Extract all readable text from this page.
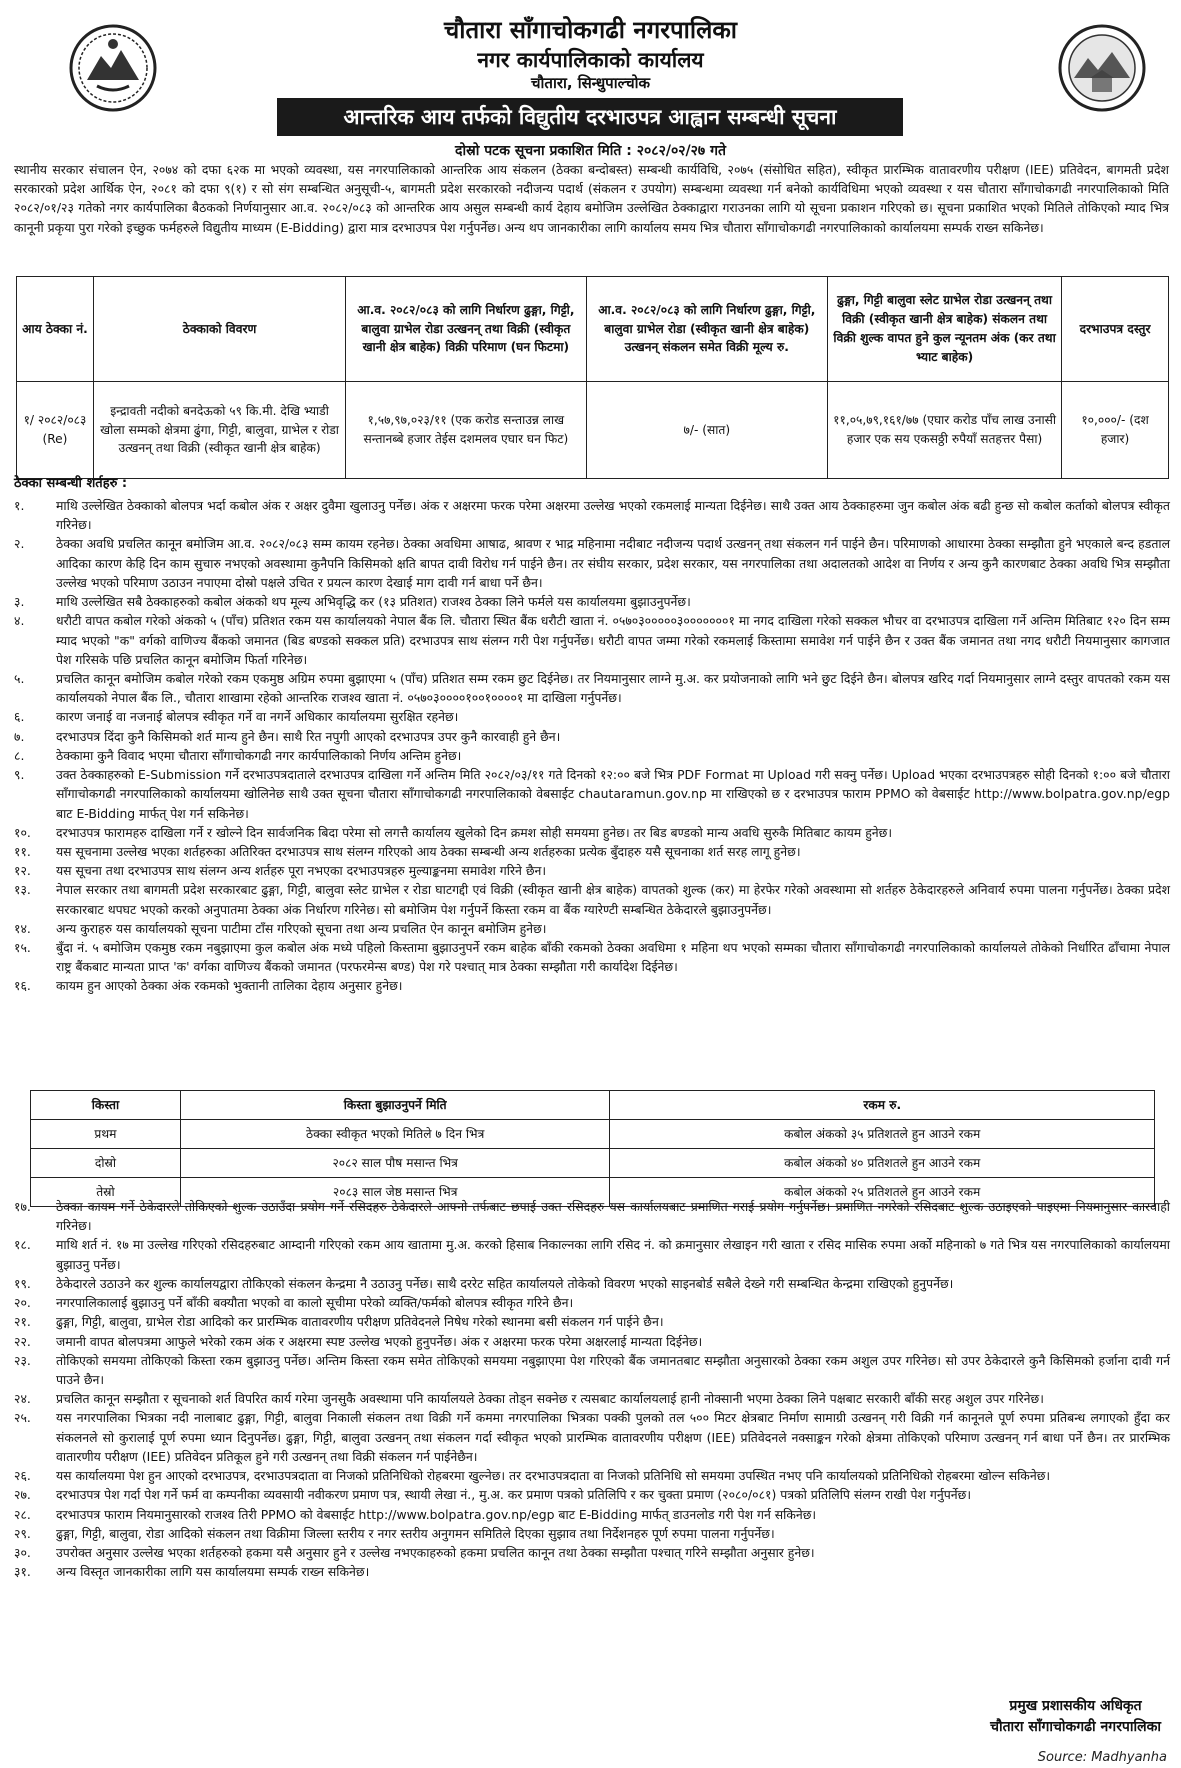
चौतारा साँगाचोकगढी नगरपालिका
नगर कार्यपालिकाको कार्यालय
चौतारा, सिन्धुपाल्चोक
आन्तरिक आय तर्फको विद्युतीय दरभाउपत्र आह्वान सम्बन्धी सूचना
दोस्रो पटक सूचना प्रकाशित मिति : २०८२/०२/२७ गते
स्थानीय सरकार संचालन ऐन, २०७४ को दफा ६२क मा भएको व्यवस्था, यस नगरपालिकाको आन्तरिक आय संकलन (ठेक्का बन्दोबस्त) सम्बन्धी कार्यविधि, २०७५ (संसोधित सहित), स्वीकृत प्रारम्भिक वातावरणीय परीक्षण (IEE) प्रतिवेदन, बागमती प्रदेश सरकारको प्रदेश आर्थिक ऐन, २०८१ को दफा ९(१) र सो संग सम्बन्धित अनुसूची-५, बागमती प्रदेश सरकारको नदीजन्य पदार्थ (संकलन र उपयोग) सम्बन्धमा व्यवस्था गर्न बनेको कार्यविधिमा भएको व्यवस्था र यस चौतारा साँगाचोकगढी नगरपालिकाको मिति २०८२/०१/२३ गतेको नगर कार्यपालिका बैठकको निर्णयानुसार आ.व. २०८२/०८३ को आन्तरिक आय असुल सम्बन्धी कार्य देहाय बमोजिम उल्लेखित ठेक्काद्वारा गराउनका लागि यो सूचना प्रकाशन गरिएको छ। सूचना प्रकाशित भएको मितिले तोकिएको म्याद भित्र कानूनी प्रकृया पुरा गरेको इच्छुक फर्महरुले विद्युतीय माध्यम (E-Bidding) द्वारा मात्र दरभाउपत्र पेश गर्नुपर्नेछ। अन्य थप जानकारीका लागि कार्यालय समय भित्र चौतारा साँगाचोकगढी नगरपालिकाको कार्यालयमा सम्पर्क राख्न सकिनेछ।
आय ठेक्का नं.	ठेक्काको विवरण	आ.व. २०८२/०८३ को लागि निर्धारण ढुङ्गा, गिट्टी, बालुवा ग्राभेल रोडा उत्खनन् तथा विक्री (स्वीकृत खानी क्षेत्र बाहेक) विक्री परिमाण (घन फिटमा)	आ.व. २०८२/०८३ को लागि निर्धारण ढुङ्गा, गिट्टी, बालुवा ग्राभेल रोडा (स्वीकृत खानी क्षेत्र बाहेक) उत्खनन् संकलन समेत विक्री मूल्य रु.	ढुङ्गा, गिट्टी बालुवा स्लेट ग्राभेल रोडा उत्खनन् तथा विक्री (स्वीकृत खानी क्षेत्र बाहेक) संकलन तथा विक्री शुल्क वापत हुने कुल न्यूनतम अंक (कर तथा भ्याट बाहेक)	दरभाउपत्र दस्तुर
१/ २०८२/०८३ (Re)	इन्द्रावती नदीको बनदेऊको ५९ कि.मी. देखि भ्याडी खोला सम्मको क्षेत्रमा ढुंगा, गिट्टी, बालुवा, ग्राभेल र रोडा उत्खनन् तथा विक्री (स्वीकृत खानी क्षेत्र बाहेक)	१,५७,९७,०२३/११ (एक करोड सन्ताउन्न लाख सन्तानब्बे हजार तेईस दशमलव एघार घन फिट)	७/- (सात)	११,०५,७९,१६१/७७ (एघार करोड पाँच लाख उनासी हजार एक सय एकसठ्ठी रुपैयाँ सतहत्तर पैसा)	१०,०००/- (दश हजार)
ठेक्का सम्बन्धी शर्तहरु :
१.	माथि उल्लेखित ठेक्काको बोलपत्र भर्दा कबोल अंक र अक्षर दुवैमा खुलाउनु पर्नेछ। अंक र अक्षरमा फरक परेमा अक्षरमा उल्लेख भएको रकमलाई मान्यता दिईनेछ। साथै उक्त आय ठेक्काहरुमा जुन कबोल अंक बढी हुन्छ सो कबोल कर्ताको बोलपत्र स्वीकृत गरिनेछ।
२.	ठेक्का अवधि प्रचलित कानून बमोजिम आ.व. २०८२/०८३ सम्म कायम रहनेछ। ठेक्का अवधिमा आषाढ, श्रावण र भाद्र महिनामा नदीबाट नदीजन्य पदार्थ उत्खनन् तथा संकलन गर्न पाईने छैन। परिमाणको आधारमा ठेक्का सम्झौता हुने भएकाले बन्द हडताल आदिका कारण केहि दिन काम सुचारु नभएको अवस्थामा कुनैपनि किसिमको क्षति बापत दावी विरोध गर्न पाईने छैन। तर संघीय सरकार, प्रदेश सरकार, यस नगरपालिका तथा अदालतको आदेश वा निर्णय र अन्य कुनै कारणबाट ठेक्का अवधि भित्र सम्झौता उल्लेख भएको परिमाण उठाउन नपाएमा दोस्रो पक्षले उचित र प्रयत्न कारण देखाई माग दावी गर्न बाधा पर्ने छैन।
३.	माथि उल्लेखित सबै ठेक्काहरुको कबोल अंकको थप मूल्य अभिवृद्धि कर (१३ प्रतिशत) राजश्व ठेक्का लिने फर्मले यस कार्यालयमा बुझाउनुपर्नेछ।
४.	धरौटी वापत कबोल गरेको अंकको ५ (पाँच) प्रतिशत रकम यस कार्यालयको नेपाल बैंक लि. चौतारा स्थित बैंक धरौटी खाता नं. ०५७०३०००००३०००००००१ मा नगद दाखिला गरेको सक्कल भौचर वा दरभाउपत्र दाखिला गर्ने अन्तिम मितिबाट १२० दिन सम्म म्याद भएको "क" वर्गको वाणिज्य बैंकको जमानत (बिड बण्डको सक्कल प्रति) दरभाउपत्र साथ संलग्न गरी पेश गर्नुपर्नेछ। धरौटी वापत जम्मा गरेको रकमलाई किस्तामा समावेश गर्न पाईने छैन र उक्त बैंक जमानत तथा नगद धरौटी नियमानुसार कागजात पेश गरिसके पछि प्रचलित कानून बमोजिम फिर्ता गरिनेछ।
५.	प्रचलित कानून बमोजिम कबोल गरेको रकम एकमुष्ठ अग्रिम रुपमा बुझाएमा ५ (पाँच) प्रतिशत सम्म रकम छुट दिईनेछ। तर नियमानुसार लाग्ने मु.अ. कर प्रयोजनाको लागि भने छुट दिईने छैन। बोलपत्र खरिद गर्दा नियमानुसार लाग्ने दस्तुर वापतको रकम यस कार्यालयको नेपाल बैंक लि., चौतारा शाखामा रहेको आन्तरिक राजश्व खाता नं. ०५७०३००००१००१००००१ मा दाखिला गर्नुपर्नेछ।
६.	कारण जनाई वा नजनाई बोलपत्र स्वीकृत गर्ने वा नगर्ने अधिकार कार्यालयमा सुरक्षित रहनेछ।
७.	दरभाउपत्र दिंदा कुनै किसिमको शर्त मान्य हुने छैन। साथै रित नपुगी आएको दरभाउपत्र उपर कुनै कारवाही हुने छैन।
८.	ठेक्कामा कुनै विवाद भएमा चौतारा साँगाचोकगढी नगर कार्यपालिकाको निर्णय अन्तिम हुनेछ।
९.	उक्त ठेक्काहरुको E-Submission गर्ने दरभाउपत्रदाताले दरभाउपत्र दाखिला गर्ने अन्तिम मिति २०८२/०३/११ गते दिनको १२:०० बजे भित्र PDF Format मा Upload गरी सक्नु पर्नेछ। Upload भएका दरभाउपत्रहरु सोही दिनको १:०० बजे चौतारा साँगाचोकगढी नगरपालिकाको कार्यालयमा खोलिनेछ साथै उक्त सूचना चौतारा साँगाचोकगढी नगरपालिकाको वेबसाईट chautaramun.gov.np मा राखिएको छ र दरभाउपत्र फाराम PPMO को वेबसाईट http://www.bolpatra.gov.np/egp बाट E-Bidding मार्फत् पेश गर्न सकिनेछ।
१०.	दरभाउपत्र फारामहरु दाखिला गर्ने र खोल्ने दिन सार्वजनिक बिदा परेमा सो लगत्तै कार्यालय खुलेको दिन क्रमश सोही समयमा हुनेछ। तर बिड बण्डको मान्य अवधि सुरुकै मितिबाट कायम हुनेछ।
११.	यस सूचनामा उल्लेख भएका शर्तहरुका अतिरिक्त दरभाउपत्र साथ संलग्न गरिएको आय ठेक्का सम्बन्धी अन्य शर्तहरुका प्रत्येक बुँदाहरु यसै सूचनाका शर्त सरह लागू हुनेछ।
१२.	यस सूचना तथा दरभाउपत्र साथ संलग्न अन्य शर्तहरु पूरा नभएका दरभाउपत्रहरु मुल्याङ्कनमा समावेश गरिने छैन।
१३.	नेपाल सरकार तथा बागमती प्रदेश सरकारबाट ढुङ्गा, गिट्टी, बालुवा स्लेट ग्राभेल र रोडा घाटगद्दी एवं विक्री (स्वीकृत खानी क्षेत्र बाहेक) वापतको शुल्क (कर) मा हेरफेर गरेको अवस्थामा सो शर्तहरु ठेकेदारहरुले अनिवार्य रुपमा पालना गर्नुपर्नेछ। ठेक्का प्रदेश सरकारबाट थपघट भएको करको अनुपातमा ठेक्का अंक निर्धारण गरिनेछ। सो बमोजिम पेश गर्नुपर्ने किस्ता रकम वा बैंक ग्यारेण्टी सम्बन्धित ठेकेदारले बुझाउनुपर्नेछ।
१४.	अन्य कुराहरु यस कार्यालयको सूचना पाटीमा टाँस गरिएको सूचना तथा अन्य प्रचलित ऐन कानून बमोजिम हुनेछ।
१५.	बुँदा नं. ५ बमोजिम एकमुष्ठ रकम नबुझाएमा कुल कबोल अंक मध्ये पहिलो किस्तामा बुझाउनुपर्ने रकम बाहेक बाँकी रकमको ठेक्का अवधिमा १ महिना थप भएको सम्मका चौतारा साँगाचोकगढी नगरपालिकाको कार्यालयले तोकेको निर्धारित ढाँचामा नेपाल राष्ट्र बैंकबाट मान्यता प्राप्त 'क' वर्गका वाणिज्य बैंकको जमानत (परफरमेन्स बण्ड) पेश गरे पश्चात् मात्र ठेक्का सम्झौता गरी कार्यादेश दिईनेछ।
१६.	कायम हुन आएको ठेक्का अंक रकमको भुक्तानी तालिका देहाय अनुसार हुनेछ।
किस्ता	किस्ता बुझाउनुपर्ने मिति	रकम रु.
प्रथम	ठेक्का स्वीकृत भएको मितिले ७ दिन भित्र	कबोल अंकको ३५ प्रतिशतले हुन आउने रकम
दोस्रो	२०८२ साल पौष मसान्त भित्र	कबोल अंकको ४० प्रतिशतले हुन आउने रकम
तेस्रो	२०८३ साल जेष्ठ मसान्त भित्र	कबोल अंकको २५ प्रतिशतले हुन आउने रकम
१७.	ठेक्का कायम गर्ने ठेकेदारले तोकिएको शुल्क उठाउँदा प्रयोग गर्ने रसिदहरु ठेकेदारले आफ्नो तर्फबाट छपाई उक्त रसिदहरु यस कार्यालयबाट प्रमाणित गराई प्रयोग गर्नुपर्नेछ। प्रमाणित नगरेको रसिदबाट शुल्क उठाइएको पाइएमा नियमानुसार कारवाही गरिनेछ।
१८.	माथि शर्त नं. १७ मा उल्लेख गरिएको रसिदहरुबाट आम्दानी गरिएको रकम आय खातामा मु.अ. करको हिसाब निकाल्नका लागि रसिद नं. को क्रमानुसार लेखाइन गरी खाता र रसिद मासिक रुपमा अर्को महिनाको ७ गते भित्र यस नगरपालिकाको कार्यालयमा बुझाउनु पर्नेछ।
१९.	ठेकेदारले उठाउने कर शुल्क कार्यालयद्वारा तोकिएको संकलन केन्द्रमा नै उठाउनु पर्नेछ। साथै दररेट सहित कार्यालयले तोकेको विवरण भएको साइनबोर्ड सबैले देख्ने गरी सम्बन्धित केन्द्रमा राखिएको हुनुपर्नेछ।
२०.	नगरपालिकालाई बुझाउनु पर्ने बाँकी बक्यौता भएको वा कालो सूचीमा परेको व्यक्ति/फर्मको बोलपत्र स्वीकृत गरिने छैन।
२१.	ढुङ्गा, गिट्टी, बालुवा, ग्राभेल रोडा आदिको कर प्रारम्भिक वातावरणीय परीक्षण प्रतिवेदनले निषेध गरेको स्थानमा बसी संकलन गर्न पाईने छैन।
२२.	जमानी वापत बोलपत्रमा आफुले भरेको रकम अंक र अक्षरमा स्पष्ट उल्लेख भएको हुनुपर्नेछ। अंक र अक्षरमा फरक परेमा अक्षरलाई मान्यता दिईनेछ।
२३.	तोकिएको समयमा तोकिएको किस्ता रकम बुझाउनु पर्नेछ। अन्तिम किस्ता रकम समेत तोकिएको समयमा नबुझाएमा पेश गरिएको बैंक जमानतबाट सम्झौता अनुसारको ठेक्का रकम अशुल उपर गरिनेछ। सो उपर ठेकेदारले कुनै किसिमको हर्जाना दावी गर्न पाउने छैन।
२४.	प्रचलित कानून सम्झौता र सूचनाको शर्त विपरित कार्य गरेमा जुनसुकै अवस्थामा पनि कार्यालयले ठेक्का तोड्न सक्नेछ र त्यसबाट कार्यालयलाई हानी नोक्सानी भएमा ठेक्का लिने पक्षबाट सरकारी बाँकी सरह अशुल उपर गरिनेछ।
२५.	यस नगरपालिका भित्रका नदी नालाबाट ढुङ्गा, गिट्टी, बालुवा निकाली संकलन तथा विक्री गर्ने कममा नगरपालिका भित्रका पक्की पुलको तल ५०० मिटर क्षेत्रबाट निर्माण सामाग्री उत्खनन् गरी विक्री गर्न कानूनले पूर्ण रुपमा प्रतिबन्ध लगाएको हुँदा कर संकलनले सो कुरालाई पूर्ण रुपमा ध्यान दिनुपर्नेछ। ढुङ्गा, गिट्टी, बालुवा उत्खनन् तथा संकलन गर्दा स्वीकृत भएको प्रारम्भिक वातावरणीय परीक्षण (IEE) प्रतिवेदनले नक्साङ्कन गरेको क्षेत्रमा तोकिएको परिमाण उत्खनन् गर्न बाधा पर्ने छैन। तर प्रारम्भिक वातारणीय परीक्षण (IEE) प्रतिवेदन प्रतिकूल हुने गरी उत्खनन् तथा विक्री संकलन गर्न पाईनेछैन।
२६.	यस कार्यालयमा पेश हुन आएको दरभाउपत्र, दरभाउपत्रदाता वा निजको प्रतिनिधिको रोहबरमा खुल्नेछ। तर दरभाउपत्रदाता वा निजको प्रतिनिधि सो समयमा उपस्थित नभए पनि कार्यालयको प्रतिनिधिको रोहबरमा खोल्न सकिनेछ।
२७.	दरभाउपत्र पेश गर्दा पेश गर्ने फर्म वा कम्पनीका व्यवसायी नवीकरण प्रमाण पत्र, स्थायी लेखा नं., मु.अ. कर प्रमाण पत्रको प्रतिलिपि र कर चुक्ता प्रमाण (२०८०/०८१) पत्रको प्रतिलिपि संलग्न राखी पेश गर्नुपर्नेछ।
२८.	दरभाउपत्र फाराम नियमानुसारको राजश्व तिरी PPMO को वेबसाईट http://www.bolpatra.gov.np/egp बाट E-Bidding मार्फत् डाउनलोड गरी पेश गर्न सकिनेछ।
२९.	ढुङ्गा, गिट्टी, बालुवा, रोडा आदिको संकलन तथा विक्रीमा जिल्ला स्तरीय र नगर स्तरीय अनुगमन समितिले दिएका सुझाव तथा निर्देशनहरु पूर्ण रुपमा पालना गर्नुपर्नेछ।
३०.	उपरोक्त अनुसार उल्लेख भएका शर्तहरुको हकमा यसै अनुसार हुने र उल्लेख नभएकाहरुको हकमा प्रचलित कानून तथा ठेक्का सम्झौता पश्चात् गरिने सम्झौता अनुसार हुनेछ।
३१.	अन्य विस्तृत जानकारीका लागि यस कार्यालयमा सम्पर्क राख्न सकिनेछ।
प्रमुख प्रशासकीय अधिकृत
चौतारा साँगाचोकगढी नगरपालिका
Source: Madhyanha
